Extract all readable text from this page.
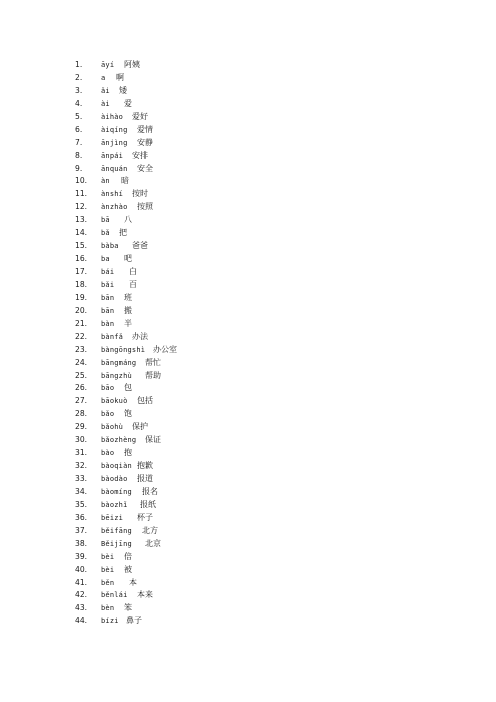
1.	āyí 阿姨
2.	a 啊
3.	ǎi 矮
4.	ài 爱
5.	àihào 爱好
6.	àiqíng 爱情
7.	ānjìng 安静
8.	ānpái 安排
9.	ānquán 安全
10. àn 暗
11. ànshí 按时
12. ànzhào 按照
13. bā 八
14. bǎ 把
15. bàba 爸爸
16. ba 吧
17. bái 白
18. bǎi 百
19. bān 班
20. bān 搬
21. bàn 半
22. bànfǎ 办法
23. bàngōngshì 办公室
24. bāngmáng 帮忙
25. bāngzhù 帮助
26. bāo 包
27. bāokuò 包括
28. bǎo 饱
29. bǎohù 保护
30. bǎozhèng 保证
31. bào 抱
32. bàoqiàn 抱歉
33. bàodào 报道
34. bàomíng 报名
35. bàozhǐ 报纸
36. bēizi 杯子
37. běifāng 北方
38. Běijīng 北京
39. bèi 倍
40. bèi 被
41. běn 本
42. běnlái 本来
43. bèn 笨
44. bízi 鼻子
